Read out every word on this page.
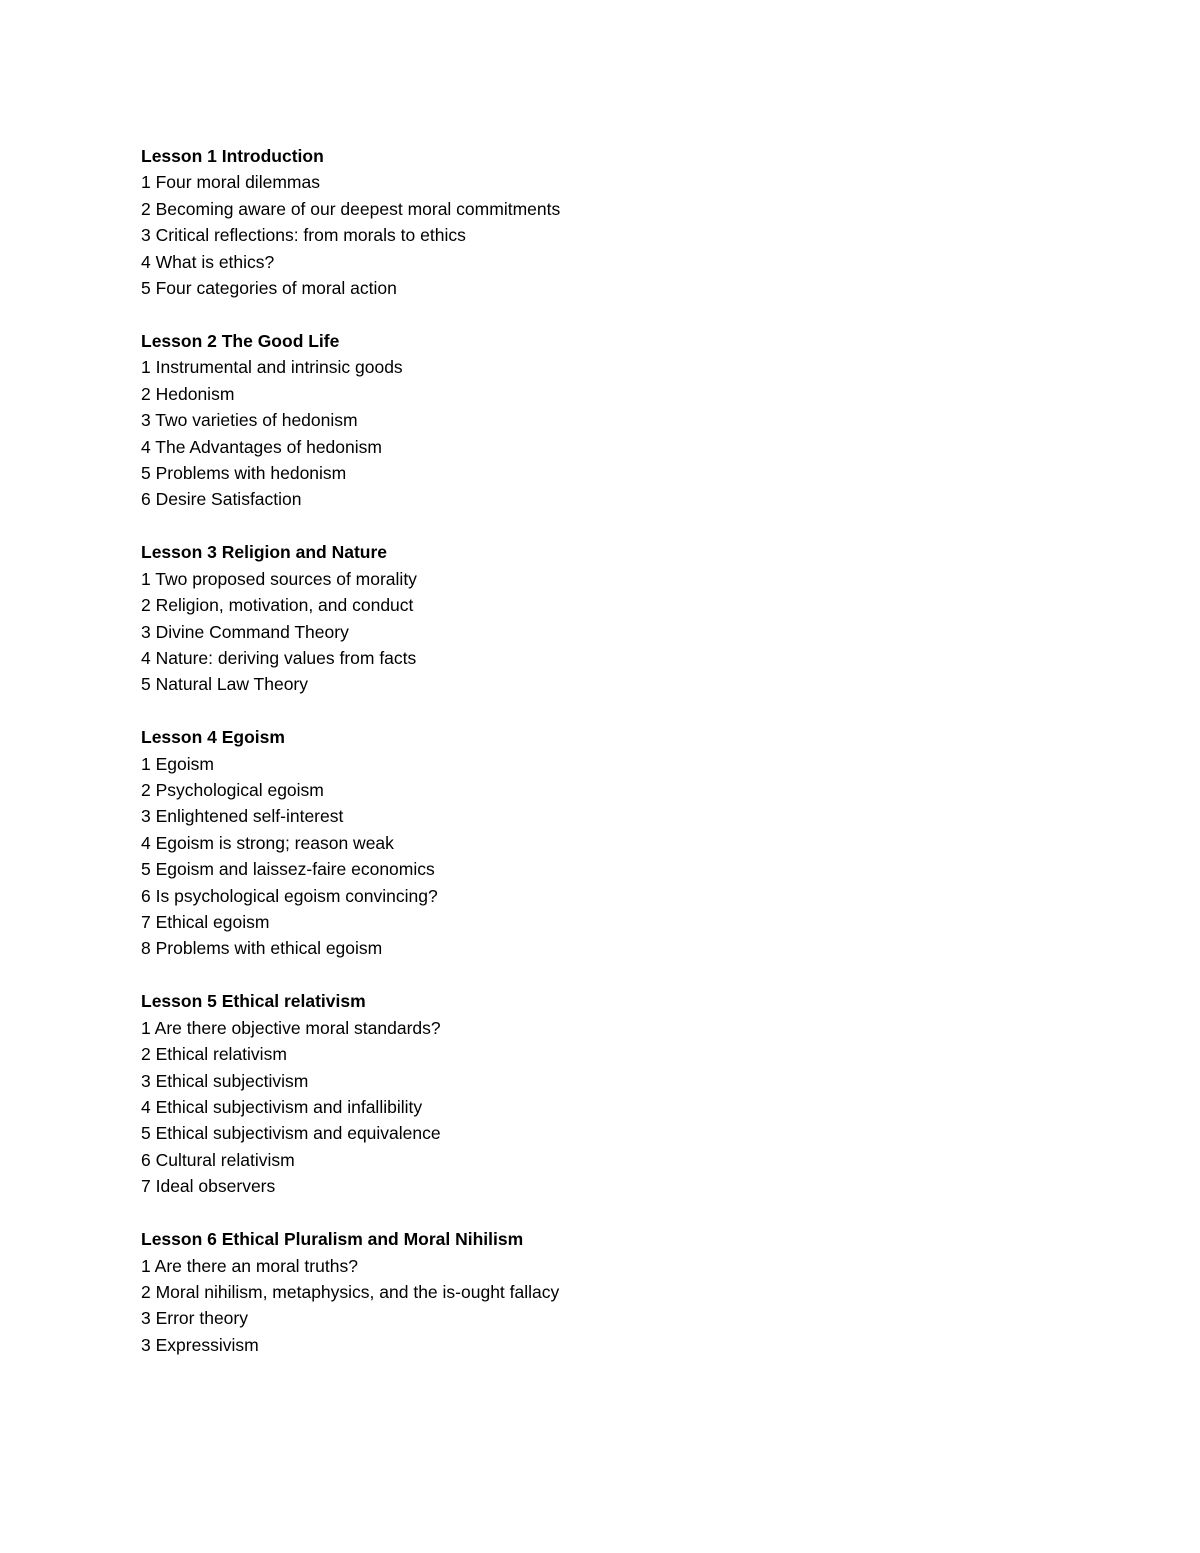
Lesson 1 Introduction
1 Four moral dilemmas
2 Becoming aware of our deepest moral commitments
3 Critical reflections: from morals to ethics
4 What is ethics?
5 Four categories of moral action
Lesson 2 The Good Life
1 Instrumental and intrinsic goods
2 Hedonism
3 Two varieties of hedonism
4 The Advantages of hedonism
5 Problems with hedonism
6 Desire Satisfaction
Lesson 3 Religion and Nature
1 Two proposed sources of morality
2 Religion, motivation, and conduct
3 Divine Command Theory
4 Nature: deriving values from facts
5 Natural Law Theory
Lesson 4 Egoism
1 Egoism
2 Psychological egoism
3 Enlightened self-interest
4 Egoism is strong; reason weak
5 Egoism and laissez-faire economics
6 Is psychological egoism convincing?
7 Ethical egoism
8 Problems with ethical egoism
Lesson 5 Ethical relativism
1 Are there objective moral standards?
2 Ethical relativism
3 Ethical subjectivism
4 Ethical subjectivism and infallibility
5 Ethical subjectivism and equivalence
6 Cultural relativism
7 Ideal observers
Lesson 6 Ethical Pluralism and Moral Nihilism
1 Are there an moral truths?
2 Moral nihilism, metaphysics, and the is-ought fallacy
3 Error theory
3 Expressivism
